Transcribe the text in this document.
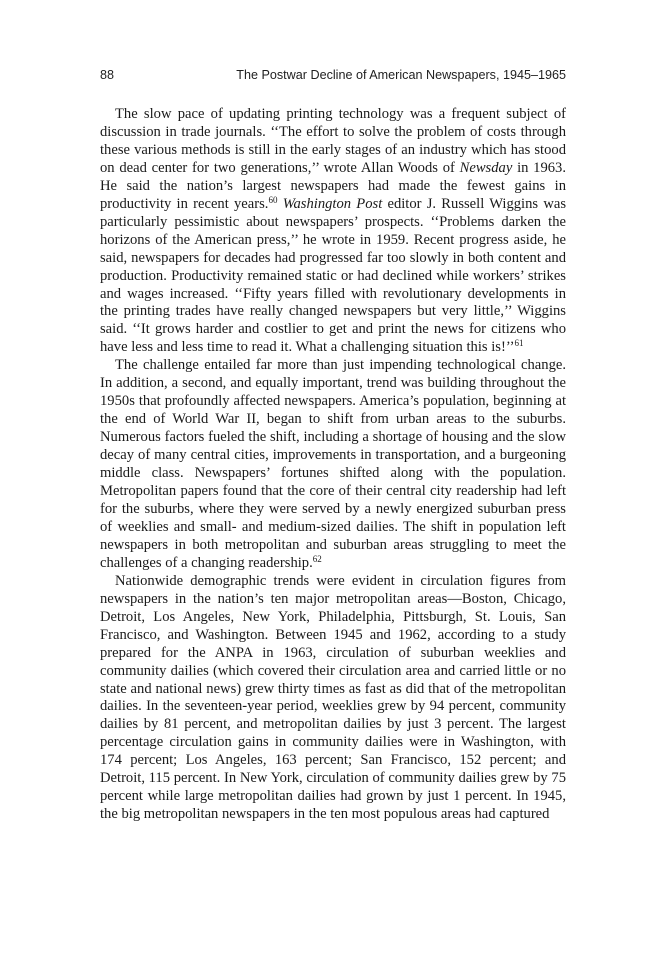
88	The Postwar Decline of American Newspapers, 1945–1965

The slow pace of updating printing technology was a frequent subject of discussion in trade journals. ‘‘The effort to solve the problem of costs through these various methods is still in the early stages of an industry which has stood on dead center for two generations,’’ wrote Allan Woods of Newsday in 1963. He said the nation’s largest newspapers had made the fewest gains in productivity in recent years.$^{60}$ Washington Post editor J. Russell Wiggins was particularly pessimistic about newspapers’ prospects. ‘‘Problems darken the horizons of the American press,’’ he wrote in 1959. Recent progress aside, he said, newspapers for decades had progressed far too slowly in both content and production. Productivity remained static or had declined while workers’ strikes and wages increased. ‘‘Fifty years filled with revolutionary developments in the printing trades have really changed newspapers but very little,’’ Wiggins said. ‘‘It grows harder and costlier to get and print the news for citizens who have less and less time to read it. What a challenging situation this is!’’$^{61}$

The challenge entailed far more than just impending technological change. In addition, a second, and equally important, trend was building throughout the 1950s that profoundly affected newspapers. America’s population, beginning at the end of World War II, began to shift from urban areas to the suburbs. Numerous factors fueled the shift, including a shortage of housing and the slow decay of many central cities, improvements in transportation, and a burgeoning middle class. Newspapers’ fortunes shifted along with the population. Metropolitan papers found that the core of their central city readership had left for the suburbs, where they were served by a newly energized suburban press of weeklies and small- and medium-sized dailies. The shift in population left newspapers in both metropolitan and suburban areas struggling to meet the challenges of a changing readership.$^{62}$

Nationwide demographic trends were evident in circulation figures from newspapers in the nation’s ten major metropolitan areas—Boston, Chicago, Detroit, Los Angeles, New York, Philadelphia, Pittsburgh, St. Louis, San Francisco, and Washington. Between 1945 and 1962, according to a study prepared for the ANPA in 1963, circulation of suburban weeklies and community dailies (which covered their circulation area and carried little or no state and national news) grew thirty times as fast as did that of the metropolitan dailies. In the seventeen-year period, weeklies grew by 94 percent, community dailies by 81 percent, and metropolitan dailies by just 3 percent. The largest percentage circulation gains in community dailies were in Washington, with 174 percent; Los Angeles, 163 percent; San Francisco, 152 percent; and Detroit, 115 percent. In New York, circulation of community dailies grew by 75 percent while large metropolitan dailies had grown by just 1 percent. In 1945, the big metropolitan newspapers in the ten most populous areas had captured
